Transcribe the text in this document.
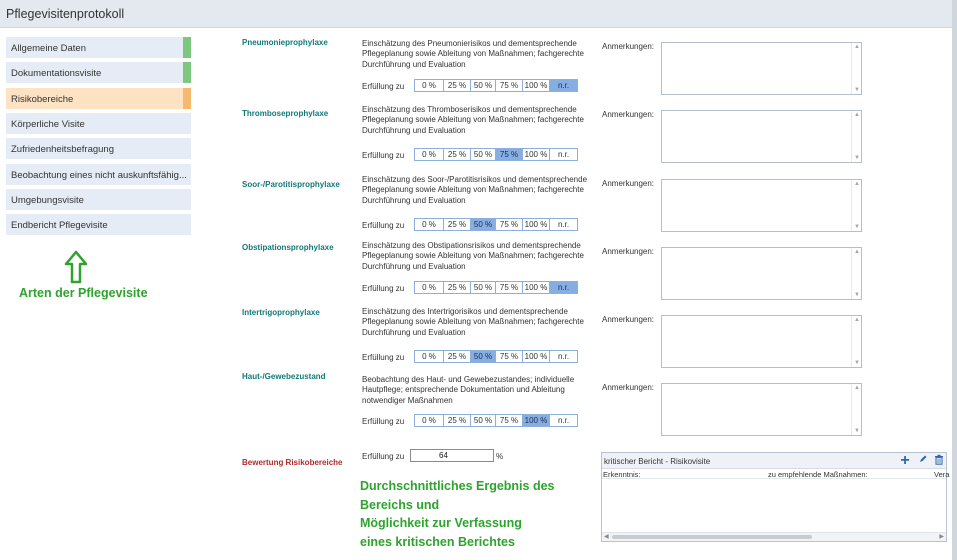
Pflegevisitenprotokoll
Allgemeine Daten
Dokumentationsvisite
Risikobereiche
Körperliche Visite
Zufriedenheitsbefragung
Beobachtung eines nicht auskunftsfähig...
Umgebungsvisite
Endbericht Pflegevisite
Arten der Pflegevisite
Pneumonieprophylaxe	Einschätzung des Pneumonierisikos und dementsprechende Pflegeplanung sowie Ableitung von Maßnahmen; fachgerechte Durchführung und Evaluation
Erfüllung zu	0 %	25 % 50 % 75 % 100 %	n.r.
Anmerkungen:	▲
▼
Thromboseprophylaxe	Einschätzung des Thromboserisikos und dementsprechende Pflegeplanung sowie Ableitung von Maßnahmen; fachgerechte Durchführung und Evaluation
Erfüllung zu	0 %	25 % 50 % 75 % 100 %	n.r.
Anmerkungen:	▲
▼
Soor-/Parotitisprophylaxe
Einschätzung des Soor-/Parotitisrisikos und dementsprechende Pflegeplanung sowie Ableitung von Maßnahmen; fachgerechte Durchführung und Evaluation
Erfüllung zu	0 %	25 % 50 % 75 % 100 %	n.r.
Anmerkungen:	▲
▼
Obstipationsprophylaxe	Einschätzung des Obstipationsrisikos und dementsprechende Pflegeplanung sowie Ableitung von Maßnahmen; fachgerechte Durchführung und Evaluation
Erfüllung zu	0 %	25 % 50 % 75 % 100 %	n.r.
Anmerkungen:	▲
▼
Intertrigoprophylaxe	Einschätzung des Intertrigorisikos und dementsprechende Pflegeplanung sowie Ableitung von Maßnahmen; fachgerechte Durchführung und Evaluation
Erfüllung zu	0 %	25 % 50 % 75 % 100 %	n.r.
Anmerkungen:	▲
▼
Haut-/Gewebezustand	Beobachtung des Haut- und Gewebezustandes; individuelle Hautpflege; entsprechende Dokumentation und Ableitung notwendiger Maßnahmen
Erfüllung zu	0 %	25 % 50 % 75 % 100 %	n.r.
Anmerkungen:	▲
▼
Bewertung Risikobereiche
Erfüllung zu	64	%
Durchschnittliches Ergebnis des
Bereichs und
Möglichkeit zur Verfassung
eines kritischen Berichtes
kritischer Bericht - Risikovisite	+
Erkenntnis:	zu empfehlende Maßnahmen:	Vera
◀	▶
